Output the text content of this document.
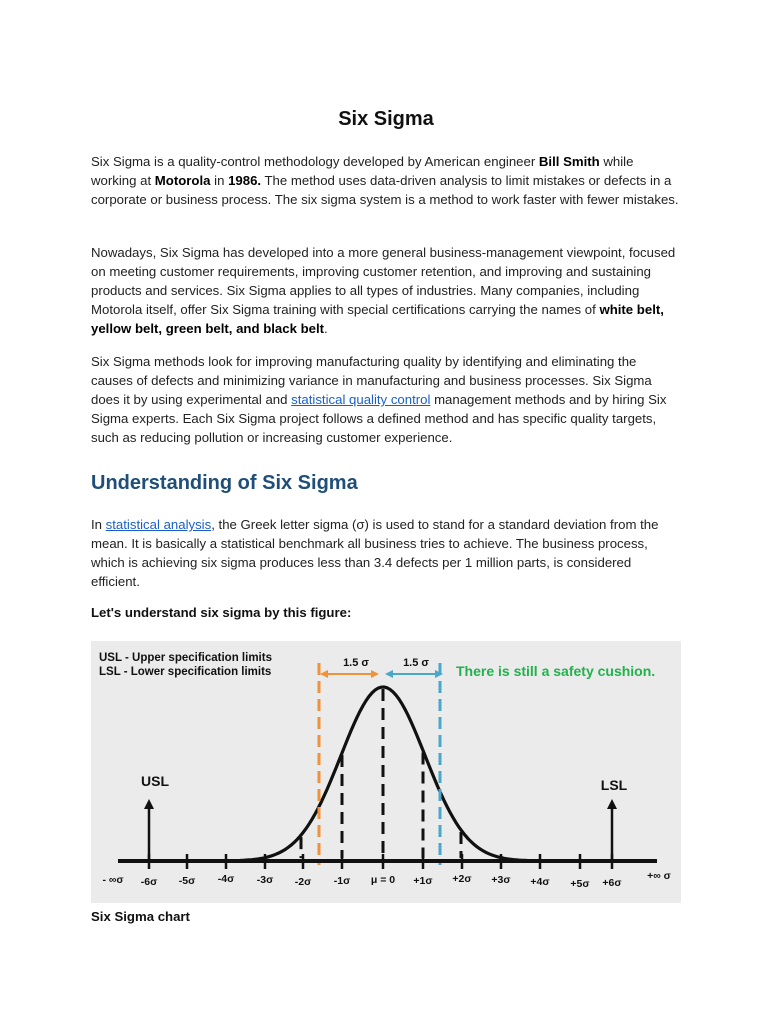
Six Sigma

Six Sigma is a quality-control methodology developed by American engineer Bill Smith while working at Motorola in 1986. The method uses data-driven analysis to limit mistakes or defects in a corporate or business process. The six sigma system is a method to work faster with fewer mistakes.

Nowadays, Six Sigma has developed into a more general business-management viewpoint, focused on meeting customer requirements, improving customer retention, and improving and sustaining products and services. Six Sigma applies to all types of industries. Many companies, including Motorola itself, offer Six Sigma training with special certifications carrying the names of white belt, yellow belt, green belt, and black belt.

Six Sigma methods look for improving manufacturing quality by identifying and eliminating the causes of defects and minimizing variance in manufacturing and business processes. Six Sigma does it by using experimental and statistical quality control management methods and by hiring Six Sigma experts. Each Six Sigma project follows a defined method and has specific quality targets, such as reducing pollution or increasing customer experience.

Understanding of Six Sigma

In statistical analysis, the Greek letter sigma (σ) is used to stand for a standard deviation from the mean. It is basically a statistical benchmark all business tries to achieve. The business process, which is achieving six sigma produces less than 3.4 defects per 1 million parts, is considered efficient.

Let's understand six sigma by this figure:

USL - Upper specification limits
LSL - Lower specification limits
1.5 σ	1.5 σ There is still a safety cushion.
- ∞σ -6σ -5σ -4σ -3σ -2σ -1σ μ = 0 +1σ +2σ +3σ +4σ +5σ +6σ
+∞ σ
USL	LSL

Six Sigma chart
